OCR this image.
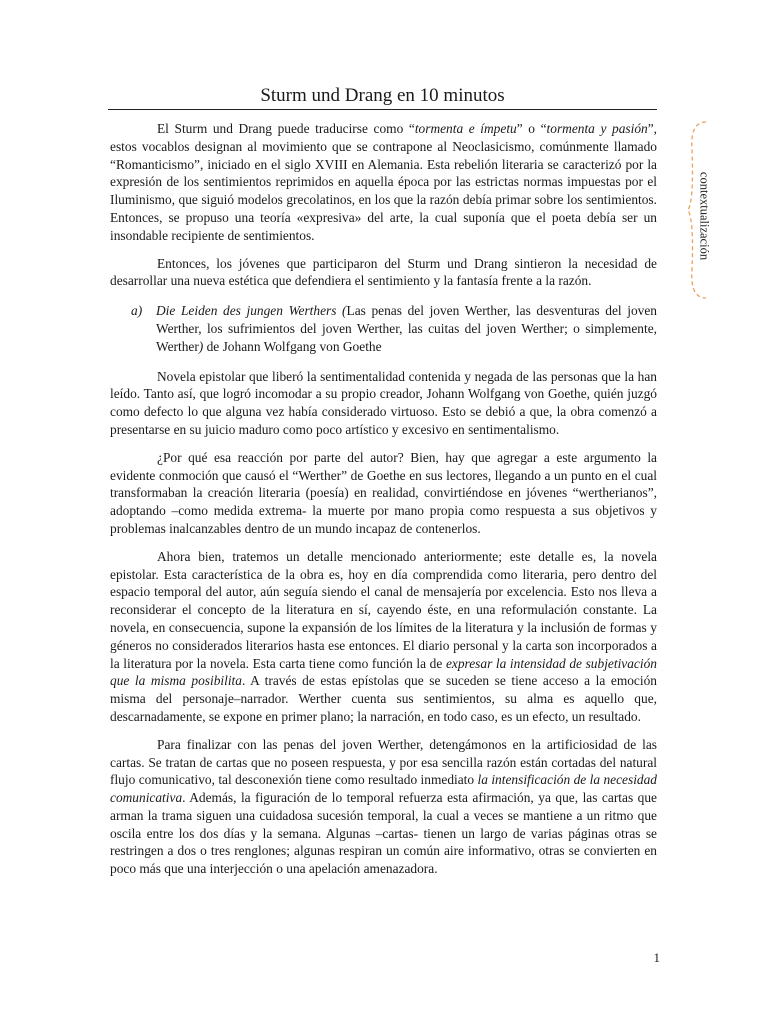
Sturm und Drang en 10 minutos
contextualización

El Sturm und Drang puede traducirse como “tormenta e ímpetu” o “tormenta y pasión”, estos vocablos designan al movimiento que se contrapone al Neoclasicismo, comúnmente llamado “Romanticismo”, iniciado en el siglo XVIII en Alemania. Esta rebelión literaria se caracterizó por la expresión de los sentimientos reprimidos en aquella época por las estrictas normas impuestas por el Iluminismo, que siguió modelos grecolatinos, en los que la razón debía primar sobre los sentimientos. Entonces, se propuso una teoría «expresiva» del arte, la cual suponía que el poeta debía ser un insondable recipiente de sentimientos.

Entonces, los jóvenes que participaron del Sturm und Drang sintieron la necesidad de desarrollar una nueva estética que defendiera el sentimiento y la fantasía frente a la razón.

a) Die Leiden des jungen Werthers (Las penas del joven Werther, las desventuras del joven Werther, los sufrimientos del joven Werther, las cuitas del joven Werther; o simplemente, Werther) de Johann Wolfgang von Goethe

Novela epistolar que liberó la sentimentalidad contenida y negada de las personas que la han leído. Tanto así, que logró incomodar a su propio creador, Johann Wolfgang von Goethe, quién juzgó como defecto lo que alguna vez había considerado virtuoso. Esto se debió a que, la obra comenzó a presentarse en su juicio maduro como poco artístico y excesivo en sentimentalismo.

¿Por qué esa reacción por parte del autor? Bien, hay que agregar a este argumento la evidente conmoción que causó el “Werther” de Goethe en sus lectores, llegando a un punto en el cual transformaban la creación literaria (poesía) en realidad, convirtiéndose en jóvenes “wertherianos”, adoptando –como medida extrema- la muerte por mano propia como respuesta a sus objetivos y problemas inalcanzables dentro de un mundo incapaz de contenerlos.

Ahora bien, tratemos un detalle mencionado anteriormente; este detalle es, la novela epistolar. Esta característica de la obra es, hoy en día comprendida como literaria, pero dentro del espacio temporal del autor, aún seguía siendo el canal de mensajería por excelencia. Esto nos lleva a reconsiderar el concepto de la literatura en sí, cayendo éste, en una reformulación constante. La novela, en consecuencia, supone la expansión de los límites de la literatura y la inclusión de formas y géneros no considerados literarios hasta ese entonces. El diario personal y la carta son incorporados a la literatura por la novela. Esta carta tiene como función la de expresar la intensidad de subjetivación que la misma posibilita. A través de estas epístolas que se suceden se tiene acceso a la emoción misma del personaje–narrador. Werther cuenta sus sentimientos, su alma es aquello que, descarnadamente, se expone en primer plano; la narración, en todo caso, es un efecto, un resultado.

Para finalizar con las penas del joven Werther, detengámonos en la artificiosidad de las cartas. Se tratan de cartas que no poseen respuesta, y por esa sencilla razón están cortadas del natural flujo comunicativo, tal desconexión tiene como resultado inmediato la intensificación de la necesidad comunicativa. Además, la figuración de lo temporal refuerza esta afirmación, ya que, las cartas que arman la trama siguen una cuidadosa sucesión temporal, la cual a veces se mantiene a un ritmo que oscila entre los dos días y la semana. Algunas –cartas- tienen un largo de varias páginas otras se restringen a dos o tres renglones; algunas respiran un común aire informativo, otras se convierten en poco más que una interjección o una apelación amenazadora.

1
